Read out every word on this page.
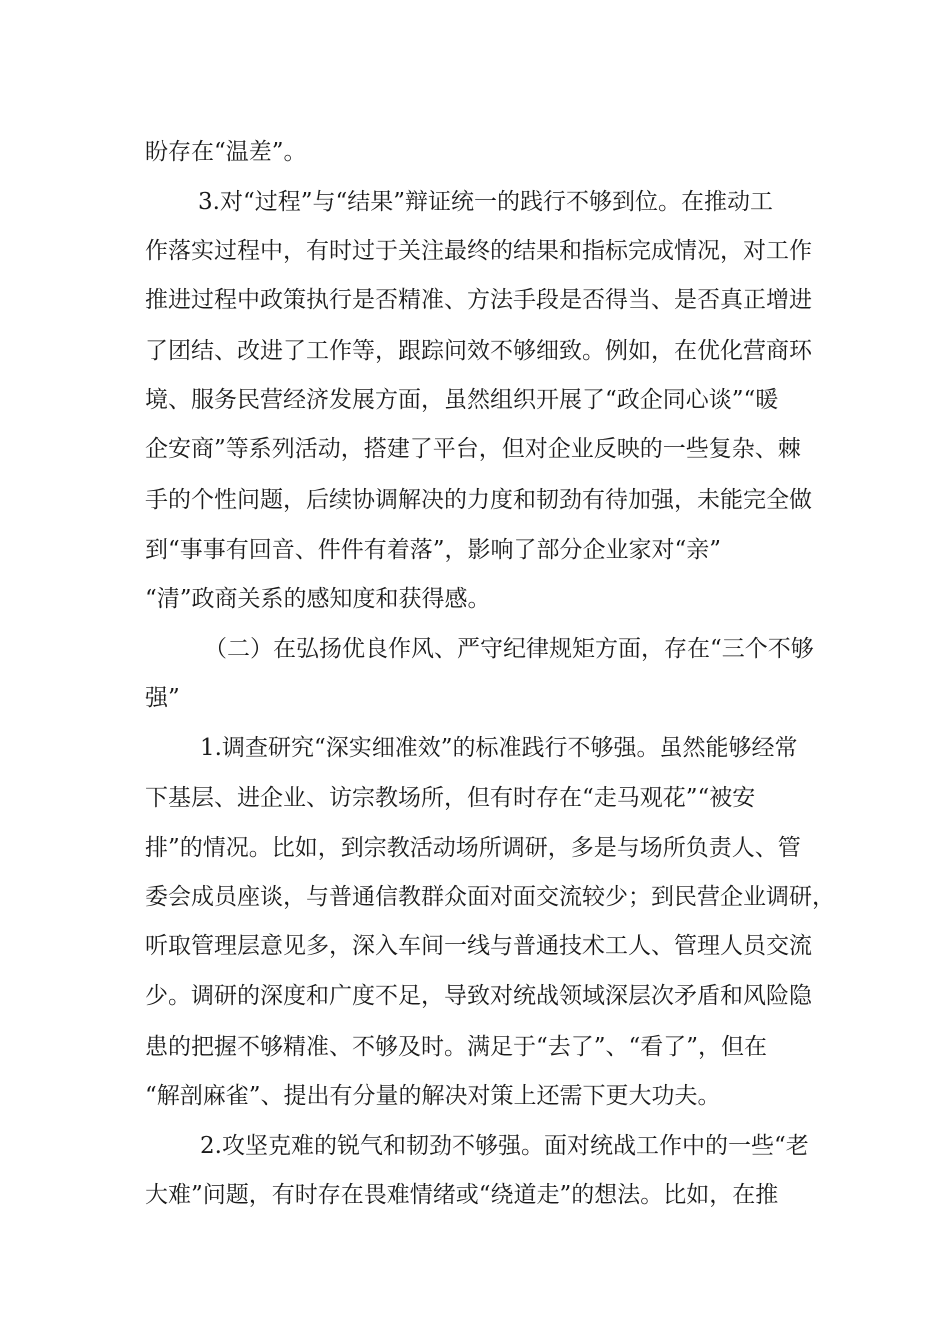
盼存在“温差”。
3.对“过程”与“结果”辩证统一的践行不够到位。在推动工
作落实过程中，有时过于关注最终的结果和指标完成情况，对工作
推进过程中政策执行是否精准、方法手段是否得当、是否真正增进
了团结、改进了工作等，跟踪问效不够细致。例如，在优化营商环
境、服务民营经济发展方面，虽然组织开展了“政企同心谈”“暖
企安商”等系列活动，搭建了平台，但对企业反映的一些复杂、棘
手的个性问题，后续协调解决的力度和韧劲有待加强，未能完全做
到“事事有回音、件件有着落”，影响了部分企业家对“亲”
“清”政商关系的感知度和获得感。
（二）在弘扬优良作风、严守纪律规矩方面，存在“三个不够
强”
1.调查研究“深实细准效”的标准践行不够强。虽然能够经常
下基层、进企业、访宗教场所，但有时存在“走马观花”“被安
排”的情况。比如，到宗教活动场所调研，多是与场所负责人、管
委会成员座谈，与普通信教群众面对面交流较少；到民营企业调研，
听取管理层意见多，深入车间一线与普通技术工人、管理人员交流
少。调研的深度和广度不足，导致对统战领域深层次矛盾和风险隐
患的把握不够精准、不够及时。满足于“去了”、“看了”，但在
“解剖麻雀”、提出有分量的解决对策上还需下更大功夫。
2.攻坚克难的锐气和韧劲不够强。面对统战工作中的一些“老
大难”问题，有时存在畏难情绪或“绕道走”的想法。比如，在推
